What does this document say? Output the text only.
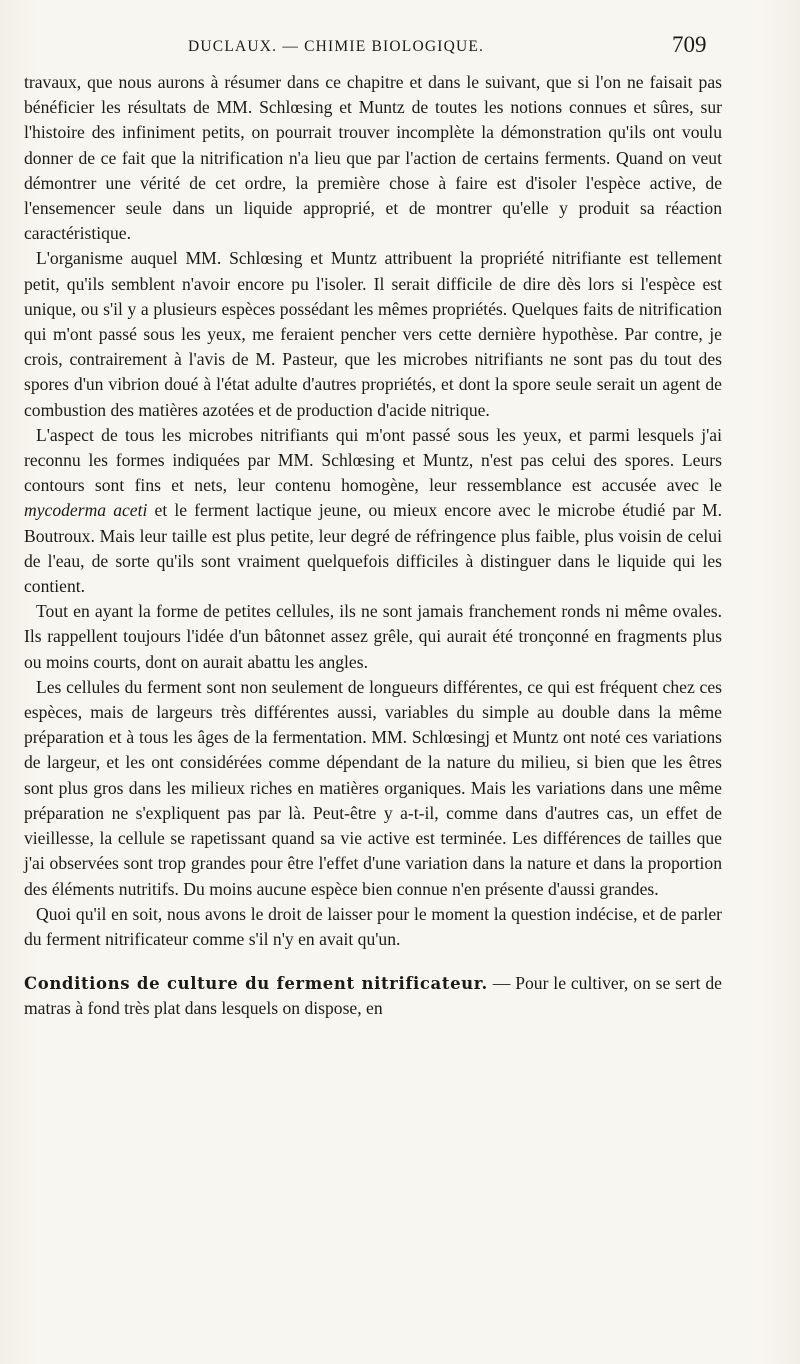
DUCLAUX. — CHIMIE BIOLOGIQUE.	709

travaux, que nous aurons à résumer dans ce chapitre et dans le suivant, que si l'on ne faisait pas bénéficier les résultats de MM. Schlœsing et Muntz de toutes les notions connues et sûres, sur l'histoire des infiniment petits, on pourrait trouver incomplète la démonstration qu'ils ont voulu donner de ce fait que la nitrification n'a lieu que par l'action de certains ferments. Quand on veut démontrer une vérité de cet ordre, la première chose à faire est d'isoler l'espèce active, de l'ensemencer seule dans un liquide approprié, et de montrer qu'elle y produit sa réaction caractéristique.

L'organisme auquel MM. Schlœsing et Muntz attribuent la propriété nitrifiante est tellement petit, qu'ils semblent n'avoir encore pu l'isoler. Il serait difficile de dire dès lors si l'espèce est unique, ou s'il y a plusieurs espèces possédant les mêmes propriétés. Quelques faits de nitrification qui m'ont passé sous les yeux, me feraient pencher vers cette dernière hypothèse. Par contre, je crois, contrairement à l'avis de M. Pasteur, que les microbes nitrifiants ne sont pas du tout des spores d'un vibrion doué à l'état adulte d'autres propriétés, et dont la spore seule serait un agent de combustion des matières azotées et de production d'acide nitrique.

L'aspect de tous les microbes nitrifiants qui m'ont passé sous les yeux, et parmi lesquels j'ai reconnu les formes indiquées par MM. Schlœsing et Muntz, n'est pas celui des spores. Leurs contours sont fins et nets, leur contenu homogène, leur ressemblance est accusée avec le mycoderma aceti et le ferment lactique jeune, ou mieux encore avec le microbe étudié par M. Boutroux. Mais leur taille est plus petite, leur degré de réfringence plus faible, plus voisin de celui de l'eau, de sorte qu'ils sont vraiment quelquefois difficiles à distinguer dans le liquide qui les contient.

Tout en ayant la forme de petites cellules, ils ne sont jamais franchement ronds ni même ovales. Ils rappellent toujours l'idée d'un bâtonnet assez grêle, qui aurait été tronçonné en fragments plus ou moins courts, dont on aurait abattu les angles.

Les cellules du ferment sont non seulement de longueurs différentes, ce qui est fréquent chez ces espèces, mais de largeurs très différentes aussi, variables du simple au double dans la même préparation et à tous les âges de la fermentation. MM. Schlœsingj et Muntz ont noté ces variations de largeur, et les ont considérées comme dépendant de la nature du milieu, si bien que les êtres sont plus gros dans les milieux riches en matières organiques. Mais les variations dans une même préparation ne s'expliquent pas par là. Peut-être y a-t-il, comme dans d'autres cas, un effet de vieillesse, la cellule se rapetissant quand sa vie active est terminée. Les différences de tailles que j'ai observées sont trop grandes pour être l'effet d'une variation dans la nature et dans la proportion des éléments nutritifs. Du moins aucune espèce bien connue n'en présente d'aussi grandes.

Quoi qu'il en soit, nous avons le droit de laisser pour le moment la question indécise, et de parler du ferment nitrificateur comme s'il n'y en avait qu'un.

Conditions de culture du ferment nitrificateur. — Pour le cultiver, on se sert de matras à fond très plat dans lesquels on dispose, en
